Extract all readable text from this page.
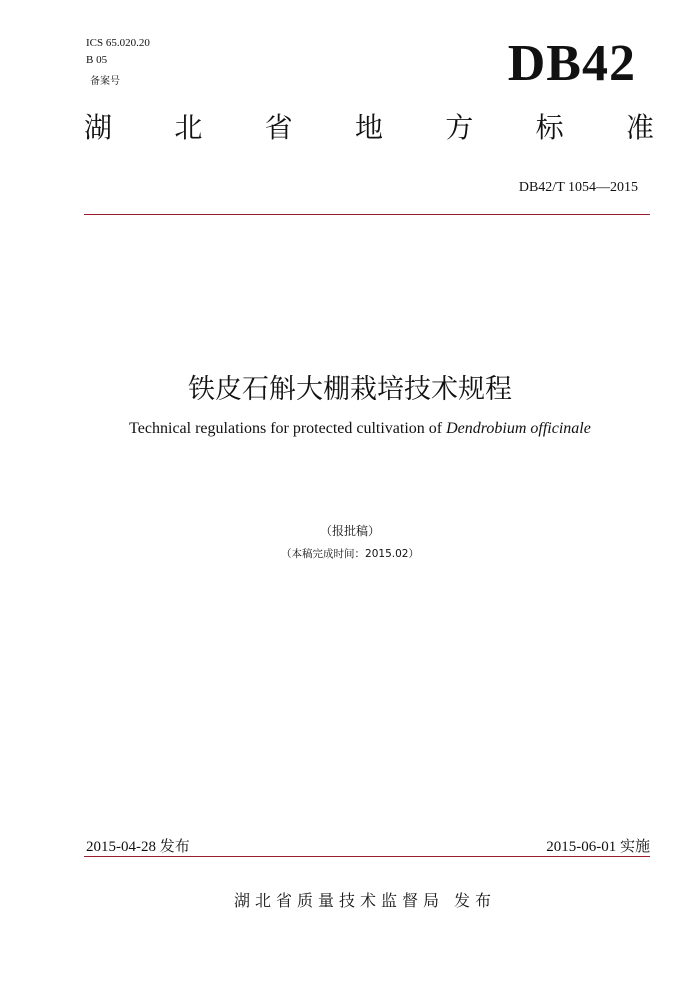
ICS 65.020.20
B 05
备案号	DB42
湖 北 省 地 方 标 准
DB42/T 1054—2015
铁皮石斛大棚栽培技术规程
Technical regulations for protected cultivation of Dendrobium officinale
（报批稿）
（本稿完成时间：2015.02）
2015-04-28 发布	2015-06-01 实施
湖北省质量技术监督局 发布
